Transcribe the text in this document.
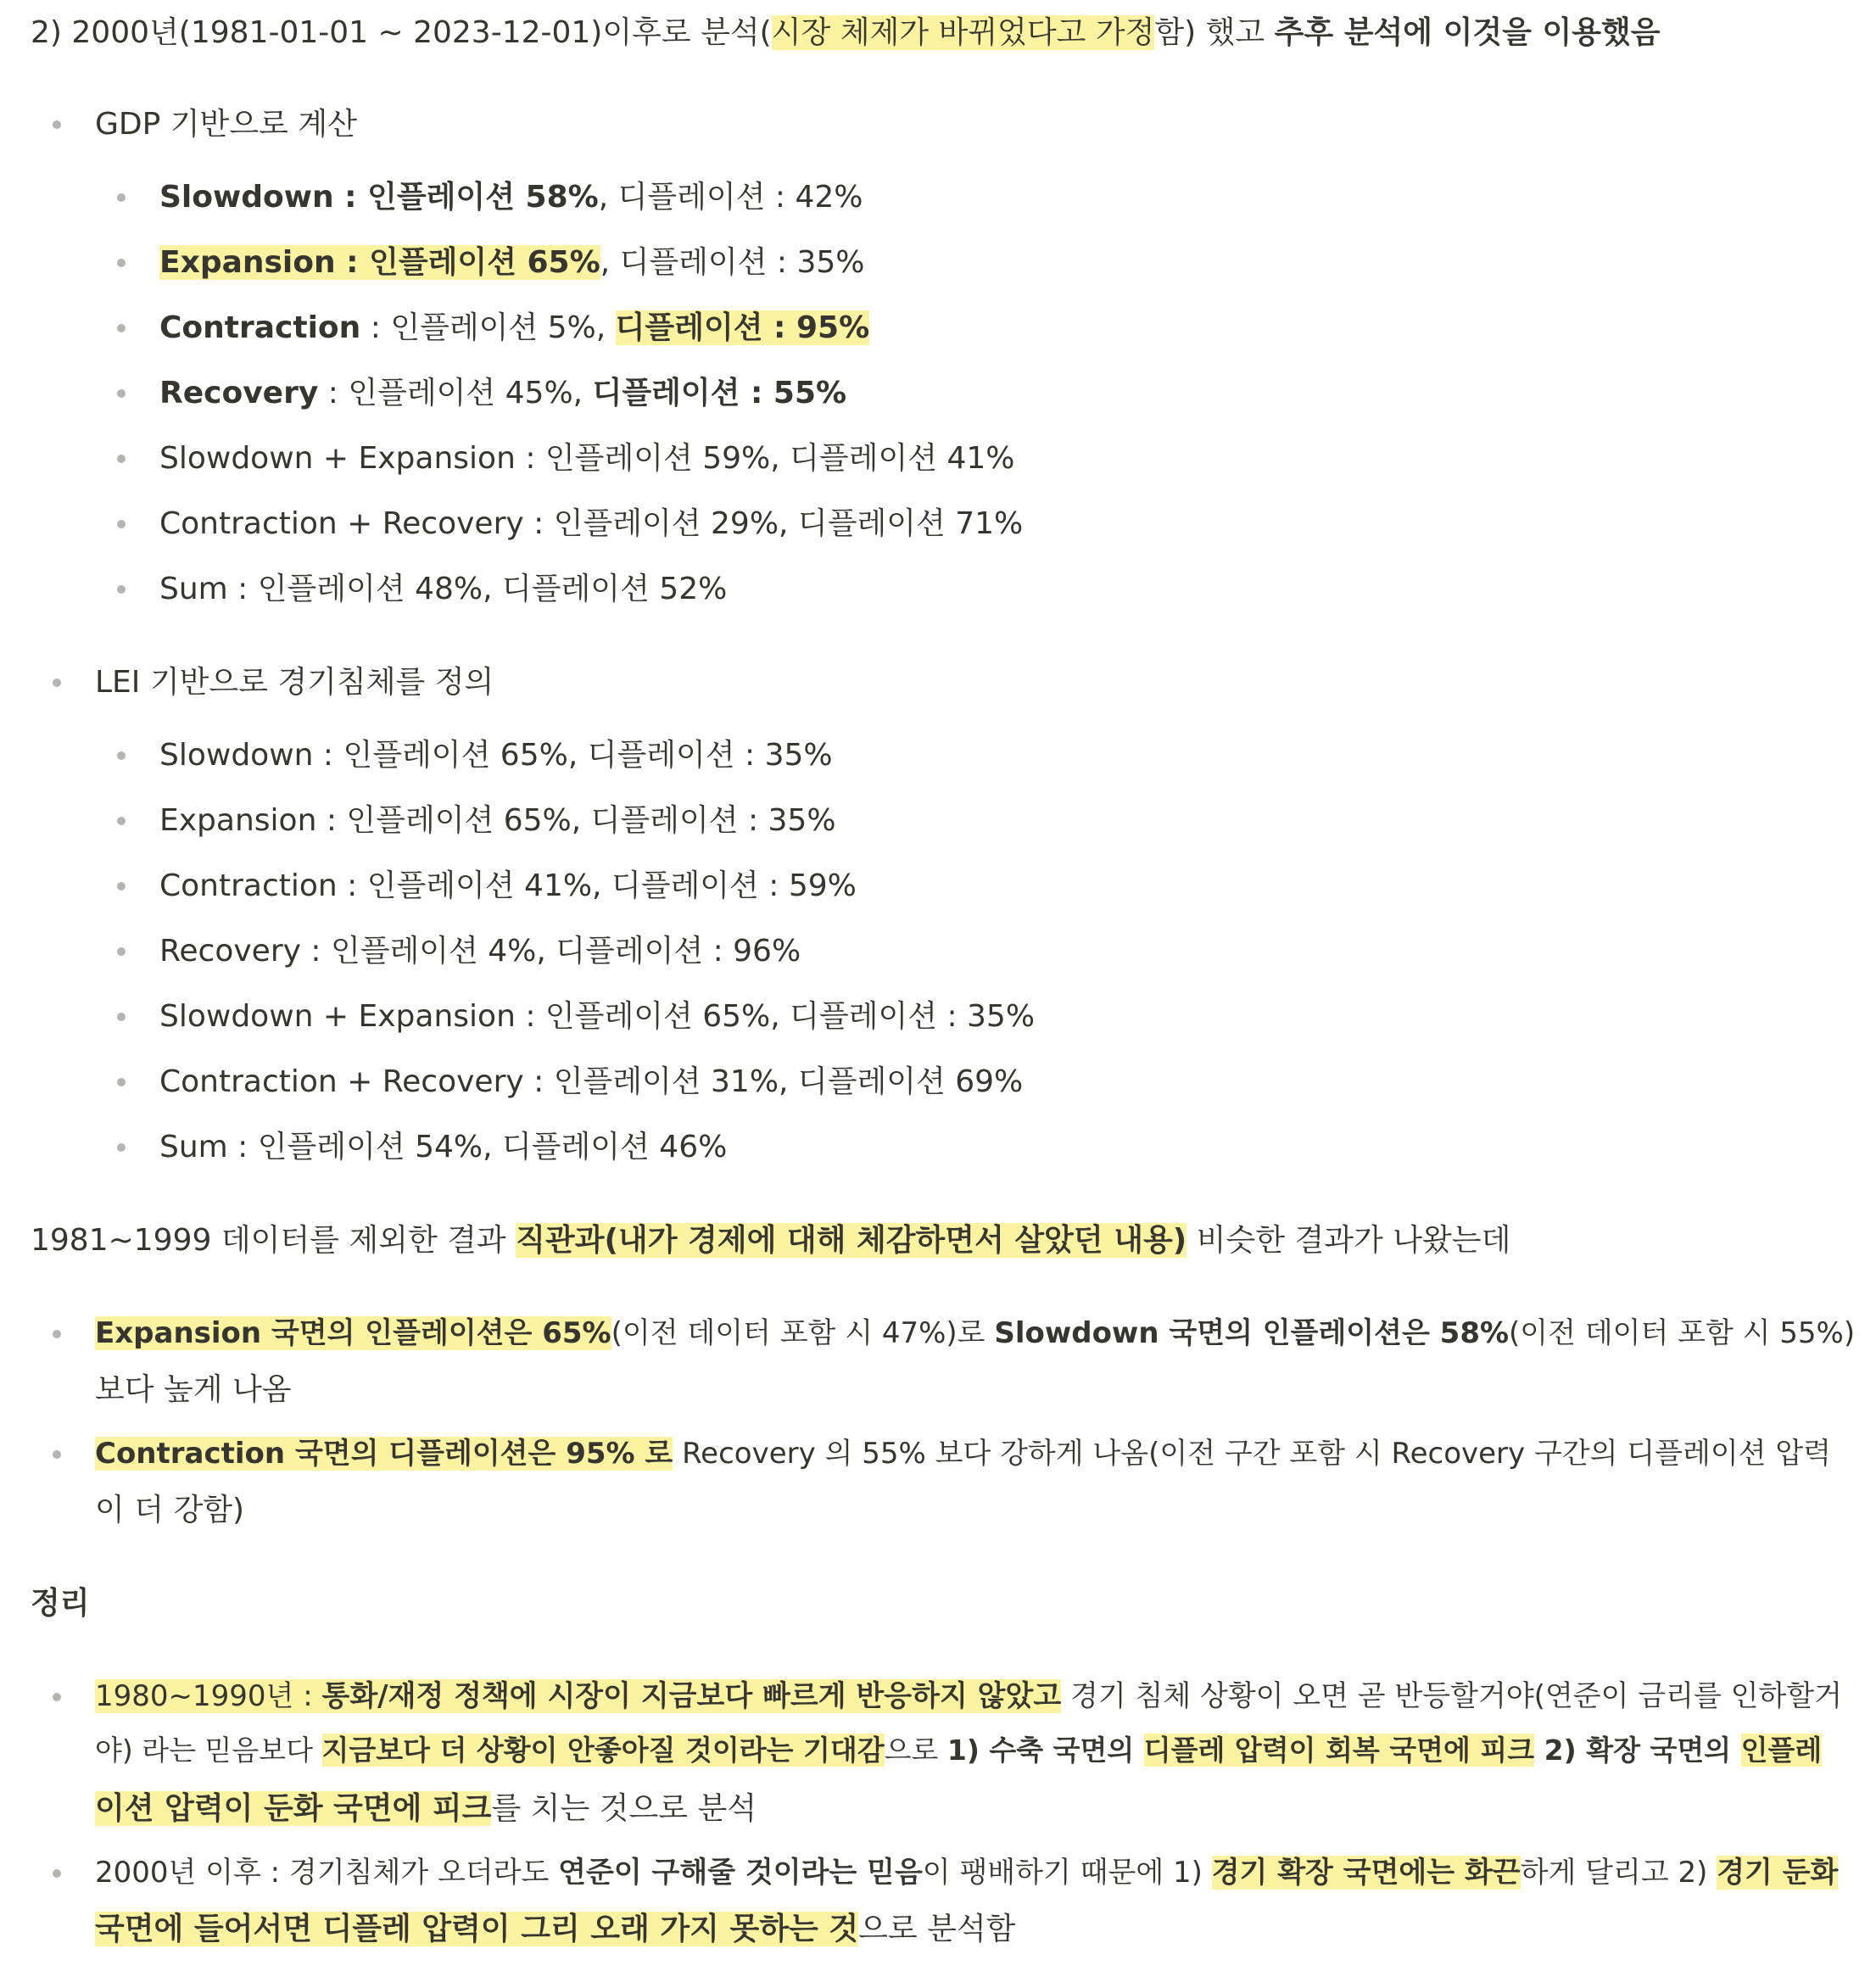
2) 2000년(1981-01-01 ~ 2023-12-01)이후로 분석(시장 체제가 바뀌었다고 가정함) 했고 추후 분석에 이것을 이용했음
GDP 기반으로 계산
Slowdown : 인플레이션 58%, 디플레이션 : 42%
Expansion : 인플레이션 65%, 디플레이션 : 35%
Contraction : 인플레이션 5%, 디플레이션 : 95%
Recovery : 인플레이션 45%, 디플레이션 : 55%
Slowdown + Expansion : 인플레이션 59%, 디플레이션 41%
Contraction + Recovery : 인플레이션 29%, 디플레이션 71%
Sum : 인플레이션 48%, 디플레이션 52%
LEI 기반으로 경기침체를 정의
Slowdown : 인플레이션 65%, 디플레이션 : 35%
Expansion : 인플레이션 65%, 디플레이션 : 35%
Contraction : 인플레이션 41%, 디플레이션 : 59%
Recovery : 인플레이션 4%, 디플레이션 : 96%
Slowdown + Expansion : 인플레이션 65%, 디플레이션 : 35%
Contraction + Recovery : 인플레이션 31%, 디플레이션 69%
Sum : 인플레이션 54%, 디플레이션 46%
1981~1999 데이터를 제외한 결과 직관과(내가 경제에 대해 체감하면서 살았던 내용) 비슷한 결과가 나왔는데
Expansion 국면의 인플레이션은 65%(이전 데이터 포함 시 47%)로 Slowdown 국면의 인플레이션은 58%(이전 데이터 포함 시 55%)
보다 높게 나옴
Contraction 국면의 디플레이션은 95% 로 Recovery 의 55% 보다 강하게 나옴(이전 구간 포함 시 Recovery 구간의 디플레이션 압력
이 더 강함)
정리
1980~1990년 : 통화/재정 정책에 시장이 지금보다 빠르게 반응하지 않았고 경기 침체 상황이 오면 곧 반등할거야(연준이 금리를 인하할거
야) 라는 믿음보다 지금보다 더 상황이 안좋아질 것이라는 기대감으로 1) 수축 국면의 디플레 압력이 회복 국면에 피크 2) 확장 국면의 인플레
이션 압력이 둔화 국면에 피크를 치는 것으로 분석
2000년 이후 : 경기침체가 오더라도 연준이 구해줄 것이라는 믿음이 팽배하기 때문에 1) 경기 확장 국면에는 화끈하게 달리고 2) 경기 둔화
국면에 들어서면 디플레 압력이 그리 오래 가지 못하는 것으로 분석함
